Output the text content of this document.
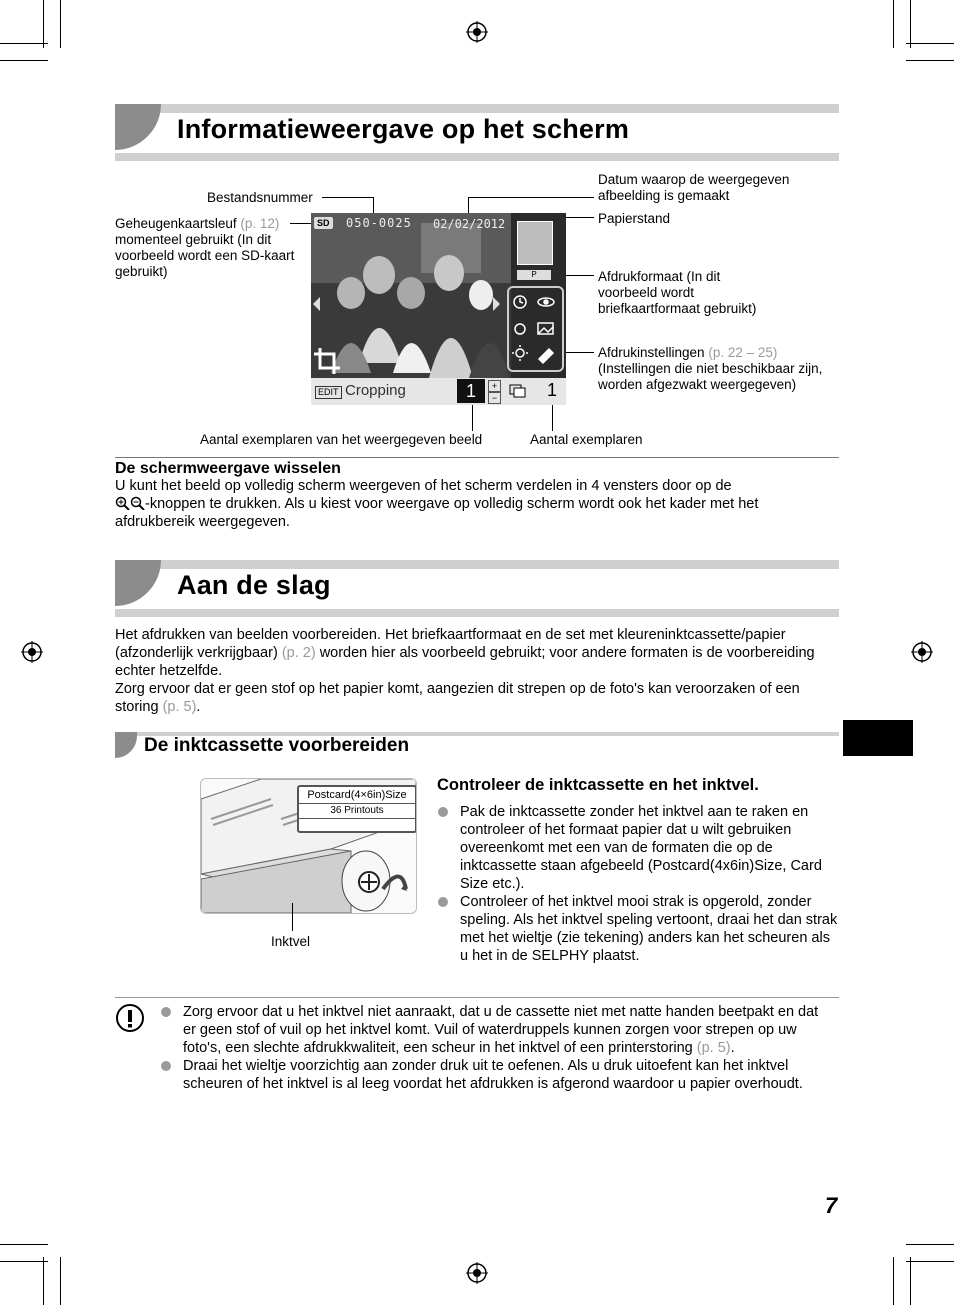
Informatieweergave op het scherm
Bestandsnummer
Geheugenkaartsleuf (p. 12) momenteel gebruikt (In dit voorbeeld wordt een SD-kaart gebruikt)
Datum waarop de weergegeven afbeelding is gemaakt
Papierstand
Afdrukformaat (In dit voorbeeld wordt briefkaartformaat gebruikt)
Afdrukinstellingen (p. 22 – 25) (Instellingen die niet beschikbaar zijn, worden afgezwakt weergegeven)
Aantal exemplaren van het weergegeven beeld	Aantal exemplaren
SD 050-0025 02/02/2012
P
EDIT Cropping	1	+
−	1
De schermweergave wisselen

U kunt het beeld op volledig scherm weergeven of het scherm verdelen in 4 vensters door op de

-knoppen te drukken. Als u kiest voor weergave op volledig scherm wordt ook het kader met het afdrukbereik weergegeven.
Aan de slag
Het afdrukken van beelden voorbereiden. Het briefkaartformaat en de set met kleureninktcassette/papier (afzonderlijk verkrijgbaar) (p. 2) worden hier als voorbeeld gebruikt; voor andere formaten is de voorbereiding echter hetzelfde.
Zorg ervoor dat er geen stof op het papier komt, aangezien dit strepen op de foto's kan veroorzaken of een storing (p. 5).
De inktcassette voorbereiden
Postcard(4×6in)Size
36 Printouts
Inktvel
Controleer de inktcassette en het inktvel.
Pak de inktcassette zonder het inktvel aan te raken en controleer of het formaat papier dat u wilt gebruiken overeenkomt met een van de formaten die op de inktcassette staan afgebeeld (Postcard(4x6in)Size, Card Size etc.).
Controleer of het inktvel mooi strak is opgerold, zonder speling. Als het inktvel speling vertoont, draai het dan strak met het wieltje (zie tekening) anders kan het scheuren als u het in de SELPHY plaatst.
Zorg ervoor dat u het inktvel niet aanraakt, dat u de cassette niet met natte handen beetpakt en dat er geen stof of vuil op het inktvel komt. Vuil of waterdruppels kunnen zorgen voor strepen op uw foto's, een slechte afdrukkwaliteit, een scheur in het inktvel of een printerstoring (p. 5).
Draai het wieltje voorzichtig aan zonder druk uit te oefenen. Als u druk uitoefent kan het inktvel scheuren of het inktvel is al leeg voordat het afdrukken is afgerond waardoor u papier overhoudt.
7
